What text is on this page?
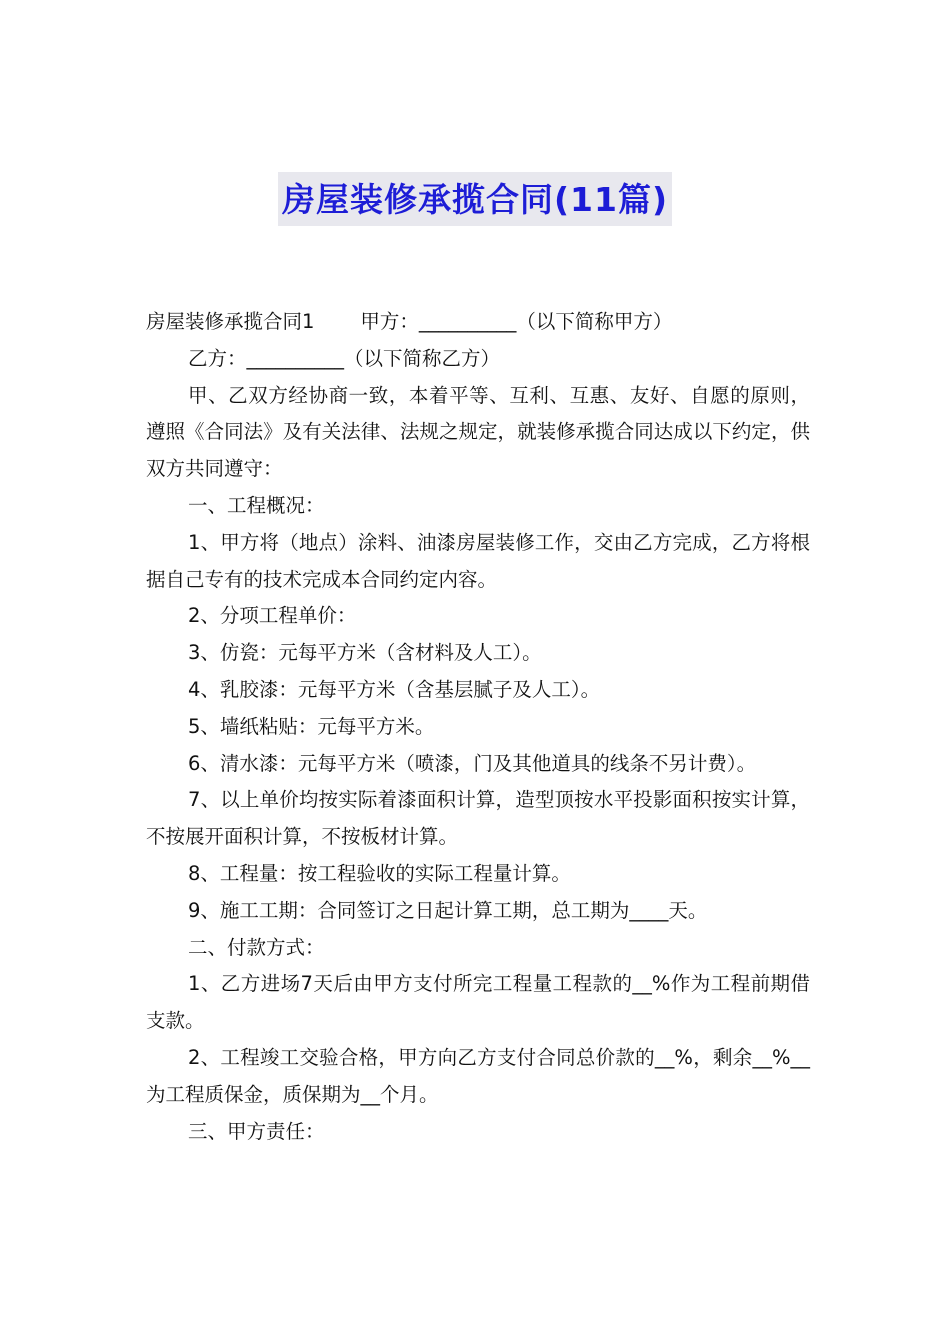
房屋装修承揽合同(11篇)

房屋装修承揽合同1 甲方：__________（以下简称甲方）

乙方：__________（以下简称乙方）

甲、乙双方经协商一致，本着平等、互利、互惠、友好、自愿的原则，遵照《合同法》及有关法律、法规之规定，就装修承揽合同达成以下约定，供双方共同遵守：

一、工程概况：

1、甲方将（地点）涂料、油漆房屋装修工作，交由乙方完成，乙方将根据自己专有的技术完成本合同约定内容。

2、分项工程单价：

3、仿瓷：元每平方米（含材料及人工）。

4、乳胶漆：元每平方米（含基层腻子及人工）。

5、墙纸粘贴：元每平方米。

6、清水漆：元每平方米（喷漆，门及其他道具的线条不另计费）。

7、以上单价均按实际着漆面积计算，造型顶按水平投影面积按实计算，不按展开面积计算，不按板材计算。

8、工程量：按工程验收的实际工程量计算。

9、施工工期：合同签订之日起计算工期，总工期为____天。

二、付款方式：

1、乙方进场7天后由甲方支付所完工程量工程款的__%作为工程前期借支款。

2、工程竣工交验合格，甲方向乙方支付合同总价款的__%，剩余__%__为工程质保金，质保期为__个月。

三、甲方责任：
